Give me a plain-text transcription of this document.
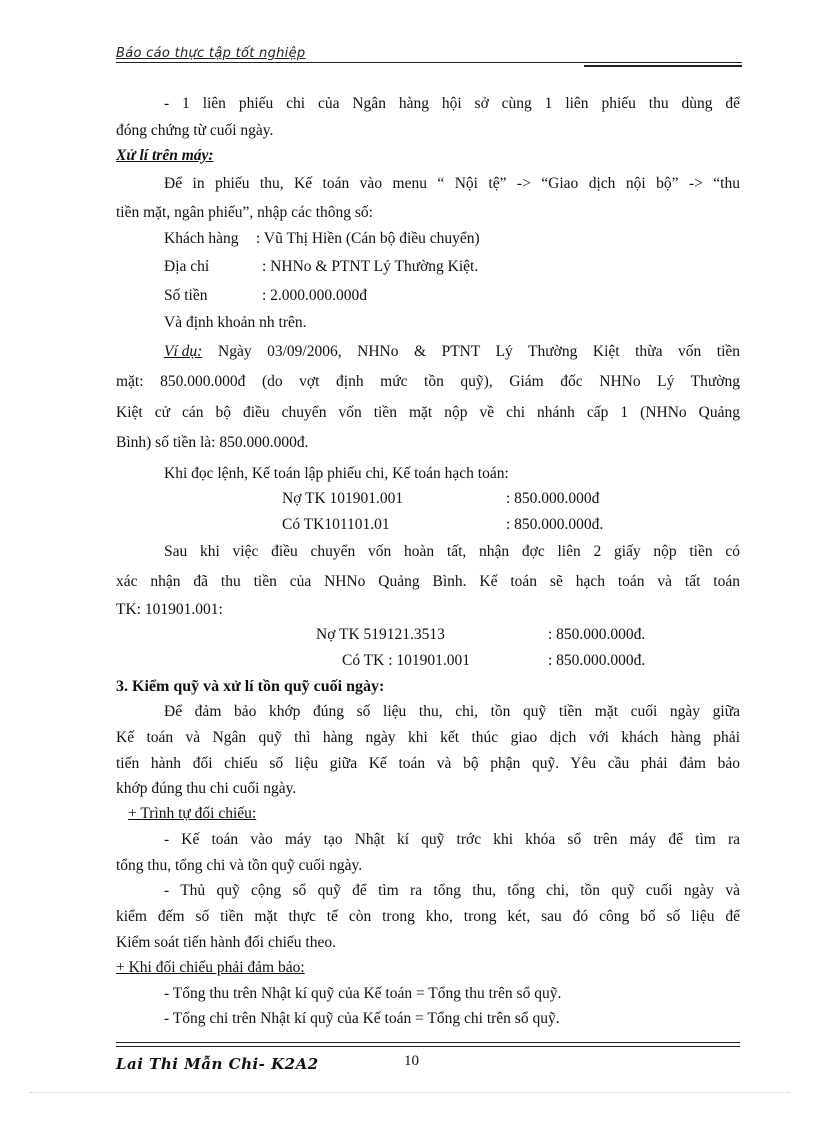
Báo cáo thực tập tốt nghiệp
- 1 liên phiếu chi của Ngân hàng hội sở cùng 1 liên phiếu thu dùng để
đóng chứng từ cuối ngày.
Xử lí trên máy:
Để in phiếu thu, Kế toán vào menu “ Nội tệ” -> “Giao dịch nội bộ” -> “thu
tiền mặt, ngân phiếu”, nhập các thông số:
Khách hàng : Vũ Thị Hiền (Cán bộ điều chuyển)
Địa chỉ	: NHNo & PTNT Lý Thường Kiệt.
Số tiền	: 2.000.000.000đ
Và định khoản nh trên.
Ví dụ: Ngày 03/09/2006, NHNo & PTNT Lý Thường Kiệt thừa vốn tiền
mặt: 850.000.000đ (do vợt định mức tồn quỹ), Giám đốc NHNo Lý Thường
Kiệt cử cán bộ điều chuyển vốn tiền mặt nộp về chi nhánh cấp 1 (NHNo Quảng
Bình) số tiền là: 850.000.000đ.
Khi đọc lệnh, Kế toán lập phiếu chi, Kế toán hạch toán:
Nợ TK 101901.001	: 850.000.000đ
Có TK101101.01	: 850.000.000đ.
Sau khi việc điều chuyển vốn hoàn tất, nhận đợc liên 2 giấy nộp tiền có
xác nhận đã thu tiền của NHNo Quảng Bình. Kế toán sẽ hạch toán và tất toán
TK: 101901.001:
Nợ TK 519121.3513	: 850.000.000đ.
Có TK : 101901.001	: 850.000.000đ.
3. Kiểm quỹ và xử lí tồn quỹ cuối ngày:
Để đảm bảo khớp đúng số liệu thu, chi, tồn quỹ tiền mặt cuối ngày giữa
Kế toán và Ngân quỹ thì hàng ngày khi kết thúc giao dịch với khách hàng phải
tiến hành đối chiếu số liệu giữa Kế toán và bộ phận quỹ. Yêu cầu phải đảm bảo
khớp đúng thu chi cuối ngày.
+ Trình tự đối chiếu:
- Kế toán vào máy tạo Nhật kí quỹ trớc khi khóa sổ trên máy để tìm ra
tổng thu, tổng chi và tồn quỹ cuối ngày.
- Thủ quỹ cộng sổ quỹ để tìm ra tổng thu, tổng chi, tồn quỹ cuối ngày và
kiểm đếm số tiền mặt thực tế còn trong kho, trong két, sau đó công bố số liệu để
Kiểm soát tiến hành đối chiếu theo.
+ Khi đối chiếu phải đảm bảo:
- Tổng thu trên Nhật kí quỹ của Kế toán = Tổng thu trên sổ quỹ.
- Tổng chi trên Nhật kí quỹ của Kế toán = Tổng chi trên sổ quỹ.
Lai Thi Mẫn Chi- K2A2	10
